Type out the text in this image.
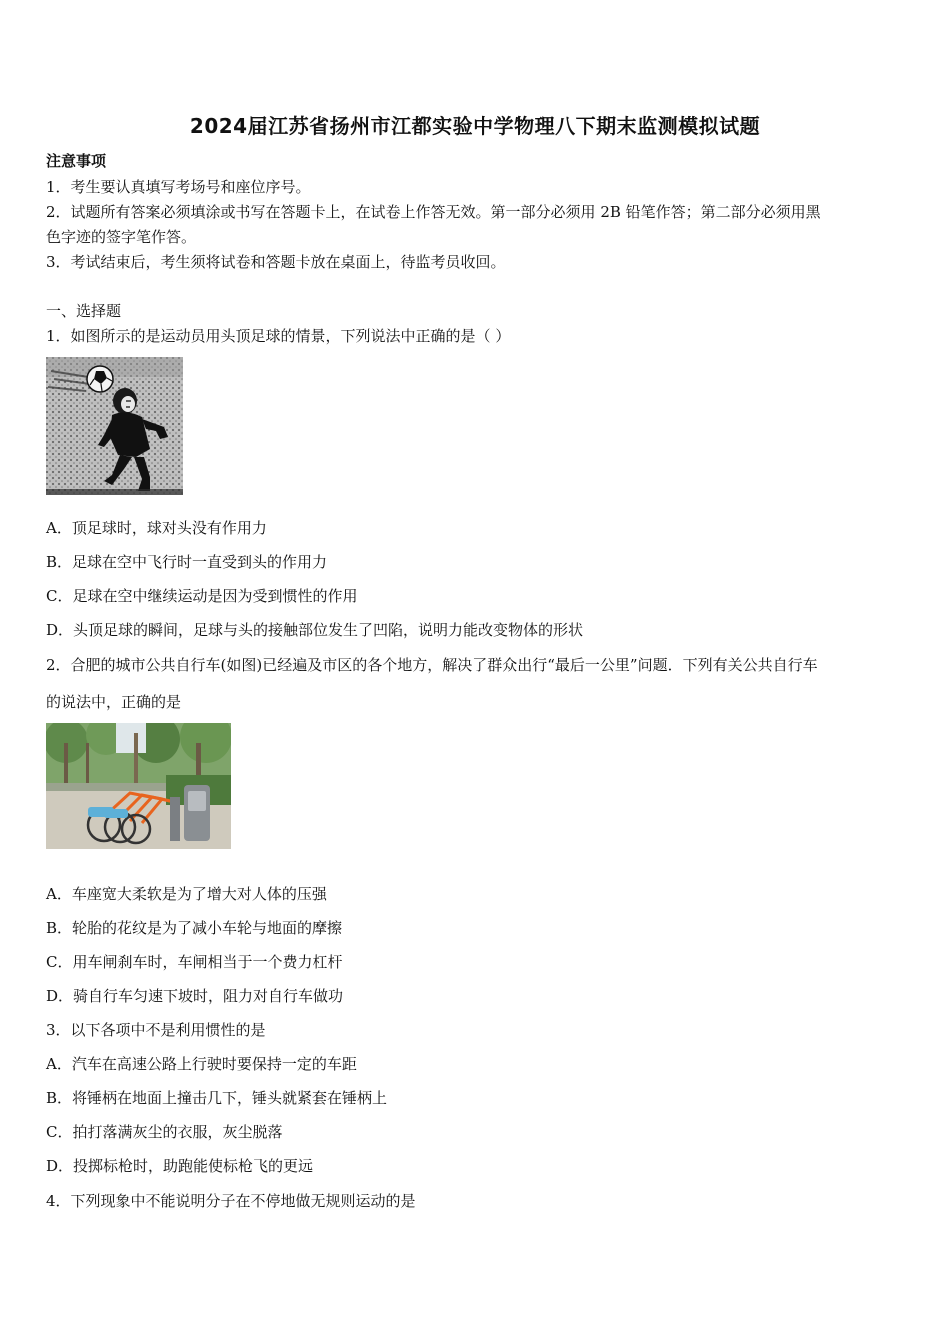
2024届江苏省扬州市江都实验中学物理八下期末监测模拟试题
注意事项
1．考生要认真填写考场号和座位序号。
2．试题所有答案必须填涂或书写在答题卡上，在试卷上作答无效。第一部分必须用 2B 铅笔作答；第二部分必须用黑
色字迹的签字笔作答。
3．考试结束后，考生须将试卷和答题卡放在桌面上，待监考员收回。
一、选择题
1．如图所示的是运动员用头顶足球的情景，下列说法中正确的是（ ）
A．顶足球时，球对头没有作用力
B．足球在空中飞行时一直受到头的作用力
C．足球在空中继续运动是因为受到惯性的作用
D．头顶足球的瞬间，足球与头的接触部位发生了凹陷，说明力能改变物体的形状
2．合肥的城市公共自行车(如图)已经遍及市区的各个地方，解决了群众出行“最后一公里”问题．下列有关公共自行车
的说法中，正确的是
A．车座宽大柔软是为了增大对人体的压强
B．轮胎的花纹是为了减小车轮与地面的摩擦
C．用车闸刹车时，车闸相当于一个费力杠杆
D．骑自行车匀速下坡时，阻力对自行车做功
3．以下各项中不是利用惯性的是
A．汽车在高速公路上行驶时要保持一定的车距
B．将锤柄在地面上撞击几下，锤头就紧套在锤柄上
C．拍打落满灰尘的衣服，灰尘脱落
D．投掷标枪时，助跑能使标枪飞的更远
4．下列现象中不能说明分子在不停地做无规则运动的是
